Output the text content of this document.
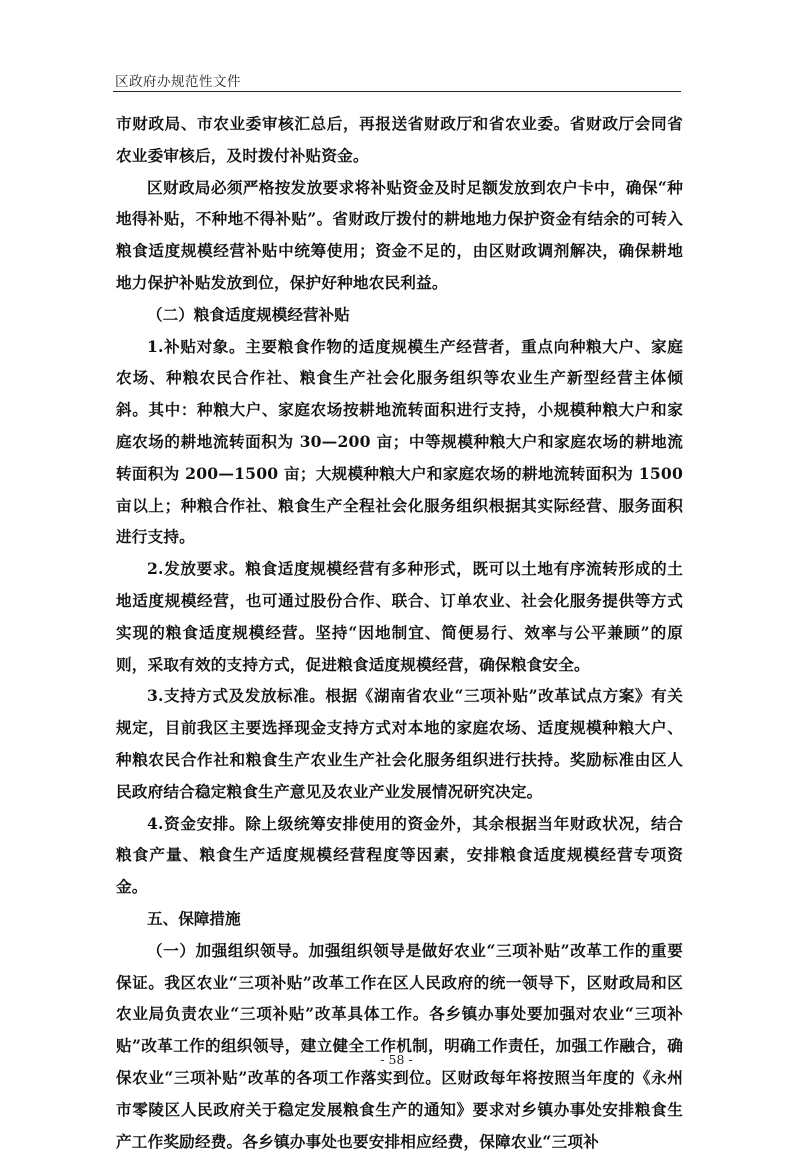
区政府办规范性文件

市财政局、市农业委审核汇总后，再报送省财政厅和省农业委。省财政厅会同省农业委审核后，及时拨付补贴资金。

区财政局必须严格按发放要求将补贴资金及时足额发放到农户卡中，确保“种地得补贴，不种地不得补贴”。省财政厅拨付的耕地地力保护资金有结余的可转入粮食适度规模经营补贴中统筹使用；资金不足的，由区财政调剂解决，确保耕地地力保护补贴发放到位，保护好种地农民利益。

（二）粮食适度规模经营补贴

1.补贴对象。主要粮食作物的适度规模生产经营者，重点向种粮大户、家庭农场、种粮农民合作社、粮食生产社会化服务组织等农业生产新型经营主体倾斜。其中：种粮大户、家庭农场按耕地流转面积进行支持，小规模种粮大户和家庭农场的耕地流转面积为 30—200 亩；中等规模种粮大户和家庭农场的耕地流转面积为 200—1500 亩；大规模种粮大户和家庭农场的耕地流转面积为 1500 亩以上；种粮合作社、粮食生产全程社会化服务组织根据其实际经营、服务面积进行支持。

2.发放要求。粮食适度规模经营有多种形式，既可以土地有序流转形成的土地适度规模经营，也可通过股份合作、联合、订单农业、社会化服务提供等方式实现的粮食适度规模经营。坚持“因地制宜、简便易行、效率与公平兼顾”的原则，采取有效的支持方式，促进粮食适度规模经营，确保粮食安全。

3.支持方式及发放标准。根据《湖南省农业“三项补贴”改革试点方案》有关规定，目前我区主要选择现金支持方式对本地的家庭农场、适度规模种粮大户、种粮农民合作社和粮食生产农业生产社会化服务组织进行扶持。奖励标准由区人民政府结合稳定粮食生产意见及农业产业发展情况研究决定。

4.资金安排。除上级统筹安排使用的资金外，其余根据当年财政状况，结合粮食产量、粮食生产适度规模经营程度等因素，安排粮食适度规模经营专项资金。

五、保障措施

（一）加强组织领导。加强组织领导是做好农业“三项补贴”改革工作的重要保证。我区农业“三项补贴”改革工作在区人民政府的统一领导下，区财政局和区农业局负责农业“三项补贴”改革具体工作。各乡镇办事处要加强对农业“三项补贴”改革工作的组织领导，建立健全工作机制，明确工作责任，加强工作融合，确保农业“三项补贴”改革的各项工作落实到位。区财政每年将按照当年度的《永州市零陵区人民政府关于稳定发展粮食生产的通知》要求对乡镇办事处安排粮食生产工作奖励经费。各乡镇办事处也要安排相应经费，保障农业“三项补

- 58 -
